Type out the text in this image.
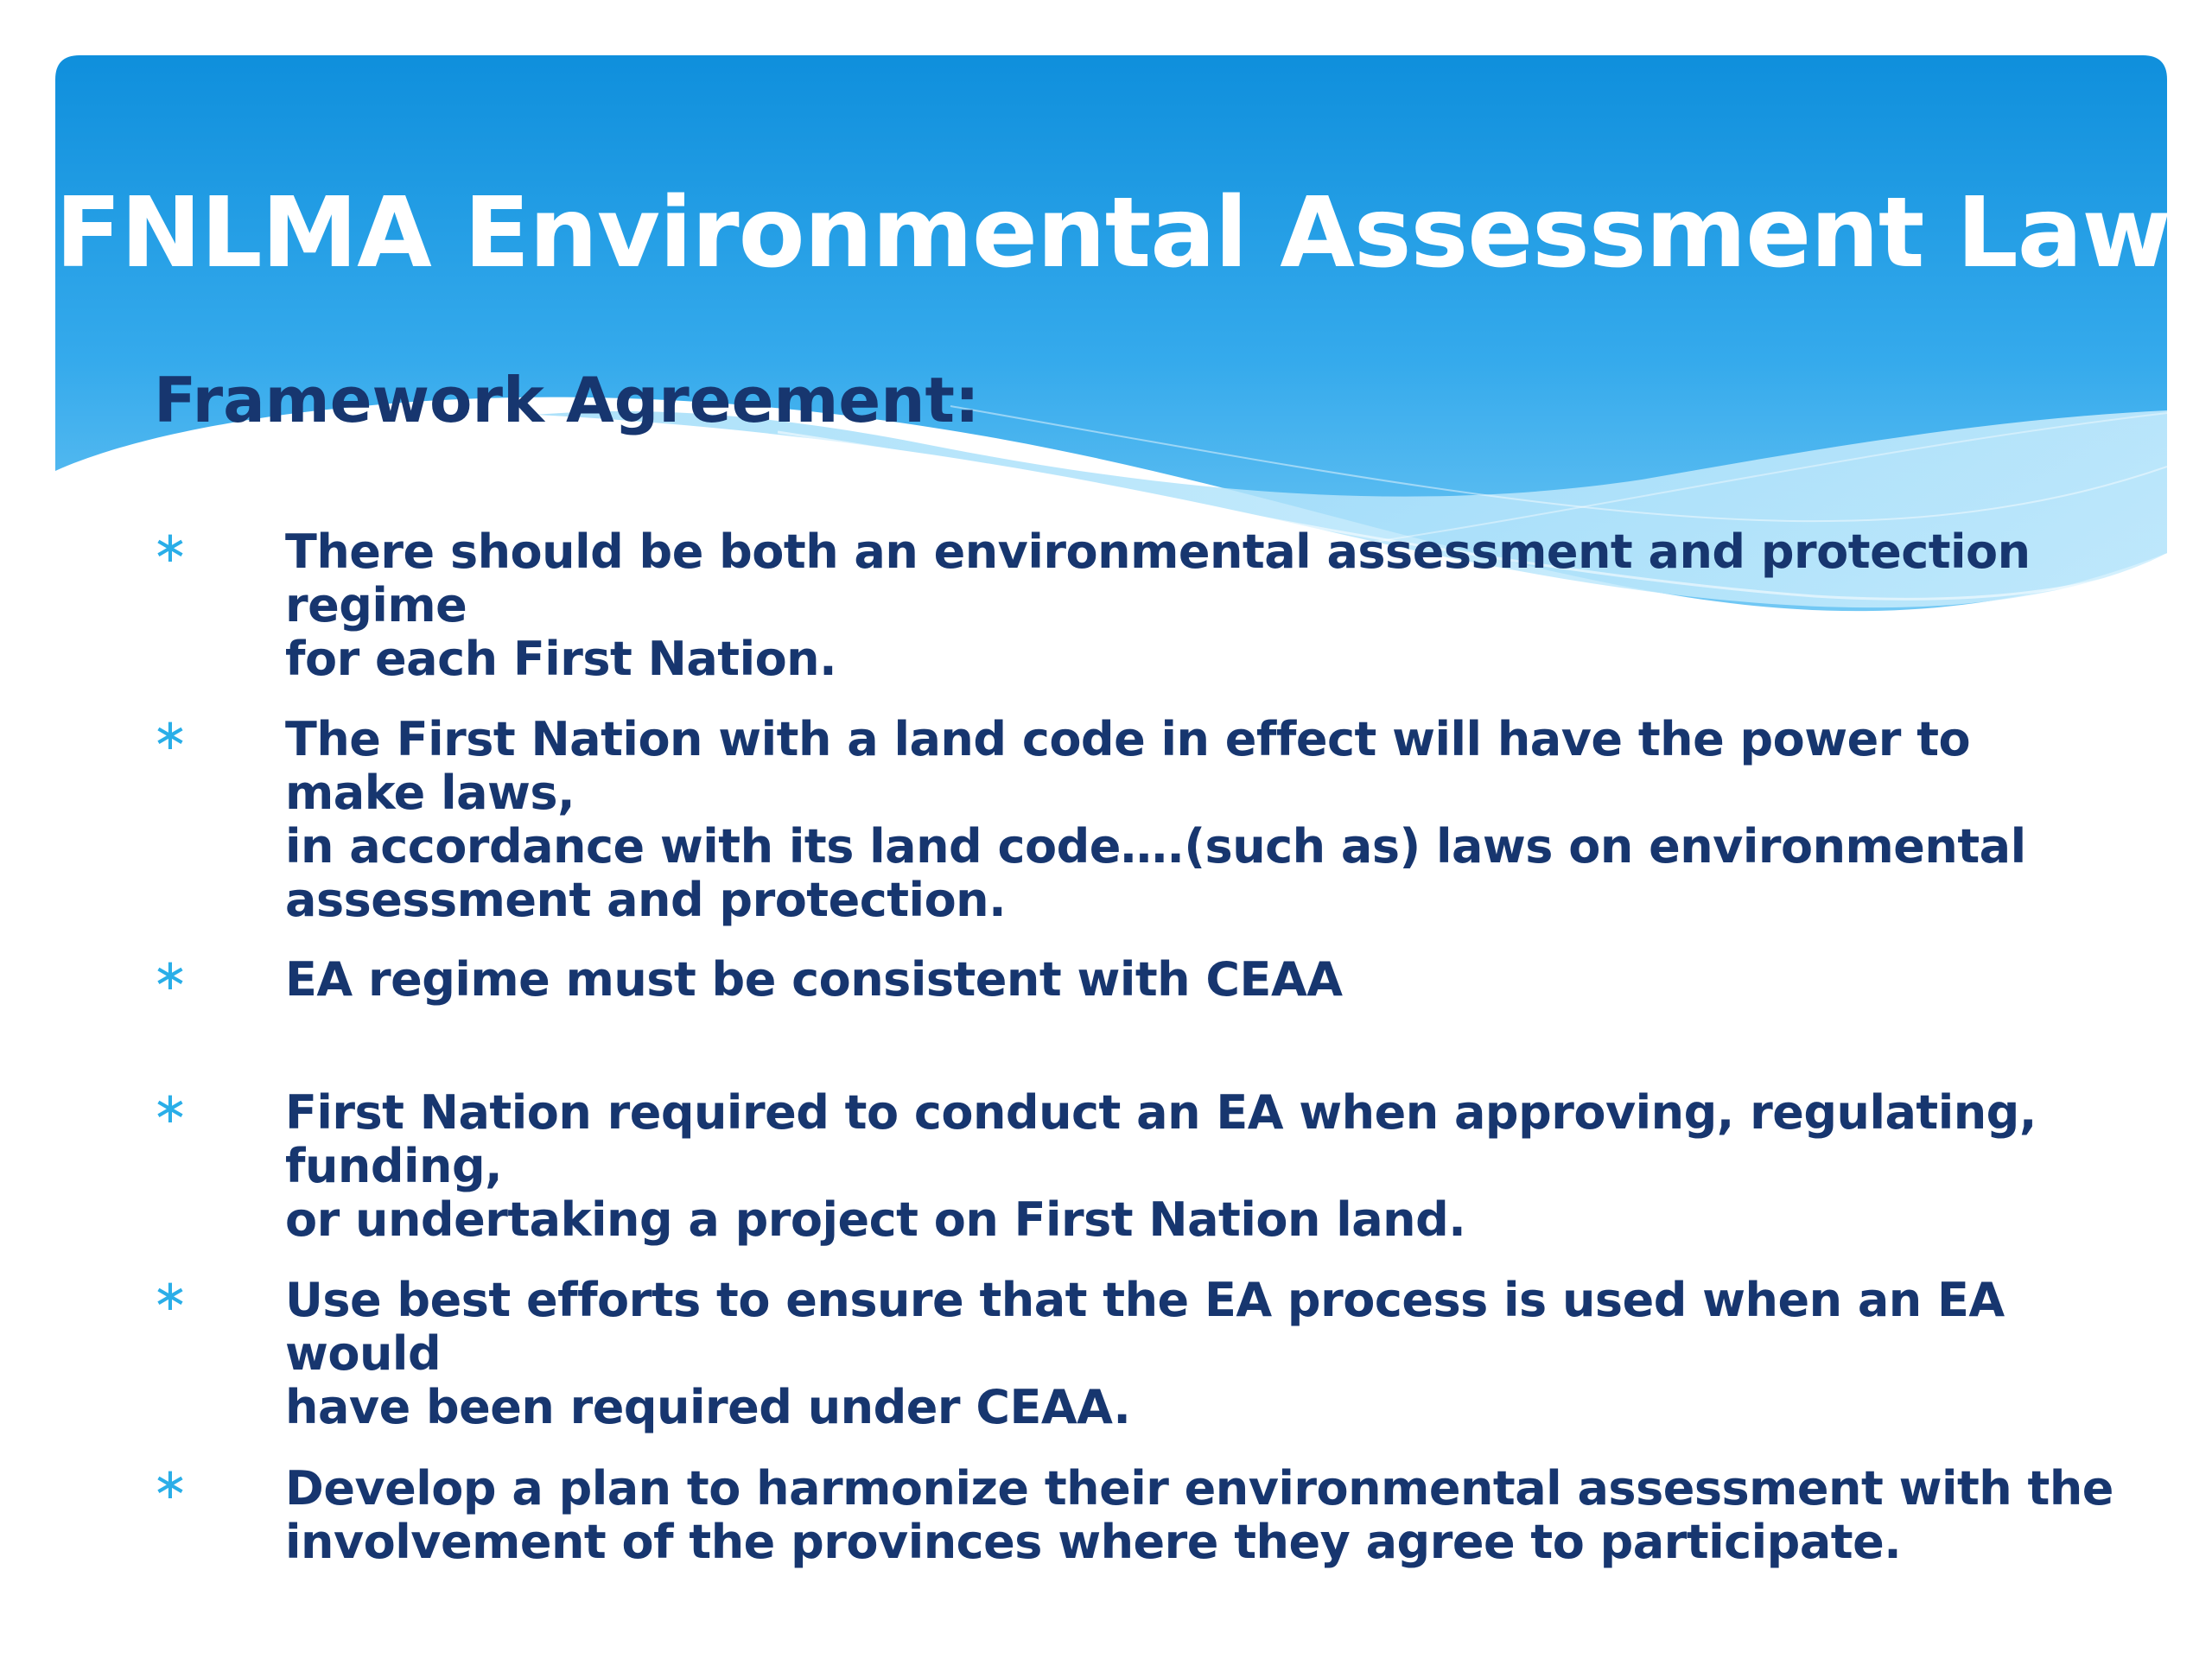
FNLMA Environmental Assessment Law
Framework Agreement:
∗ There should be both an environmental assessment and protection regime
for each First Nation.
∗ The First Nation with a land code in effect will have the power to make laws,
in accordance with its land code….(such as) laws on environmental
assessment and protection.
∗ EA regime must be consistent with CEAA
∗ First Nation required to conduct an EA when approving, regulating, funding,
or undertaking a project on First Nation land.
∗ Use best efforts to ensure that the EA process is used when an EA would
have been required under CEAA.
∗ Develop a plan to harmonize their environmental assessment with the
involvement of the provinces where they agree to participate.
